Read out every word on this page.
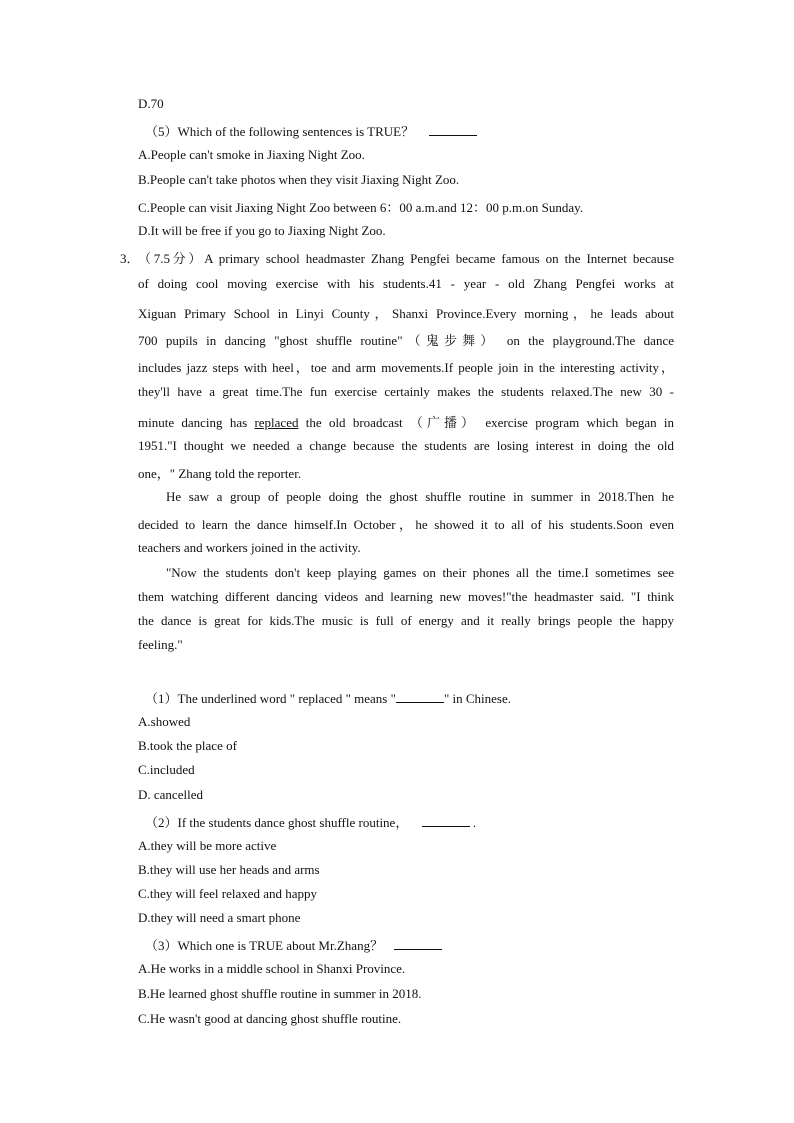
D.70
（5）Which of the following sentences is TRUE？
A.People can't smoke in Jiaxing Night Zoo.
B.People can't take photos when they visit Jiaxing Night Zoo.
C.People can visit Jiaxing Night Zoo between 6：00 a.m.and 12：00 p.m.on Sunday.
D.It will be free if you go to Jiaxing Night Zoo.
3．
（7.5分）A primary school headmaster Zhang Pengfei became famous on the Internet because
of doing cool moving exercise with his students.41 - year - old Zhang Pengfei works at
Xiguan Primary School in Linyi County，Shanxi Province.Every morning，he leads about
700 pupils in dancing "ghost shuffle routine"（鬼步舞） on the playground.The dance
includes jazz steps with heel，toe and arm movements.If people join in the interesting activity，
they'll have a great time.The fun exercise certainly makes the students relaxed.The new 30 -
minute dancing has replaced the old broadcast （广播） exercise program which began in
1951."I thought we needed a change because the students are losing interest in doing the old
one，" Zhang told the reporter.
He saw a group of people doing the ghost shuffle routine in summer in 2018.Then he
decided to learn the dance himself.In October，he showed it to all of his students.Soon even
teachers and workers joined in the activity.
"Now the students don't keep playing games on their phones all the time.I sometimes see
them watching different dancing videos and learning new moves!"the headmaster said. "I think
the dance is great for kids.The music is full of energy and it really brings people the happy
feeling."
（1）The underlined word " replaced " means "	" in Chinese.
A.showed
B.took the place of
C.included
D. cancelled
（2）If the students dance ghost shuffle routine，	.
A.they will be more active
B.they will use her heads and arms
C.they will feel relaxed and happy
D.they will need a smart phone
（3）Which one is TRUE about Mr.Zhang？
A.He works in a middle school in Shanxi Province.
B.He learned ghost shuffle routine in summer in 2018.
C.He wasn't good at dancing ghost shuffle routine.
